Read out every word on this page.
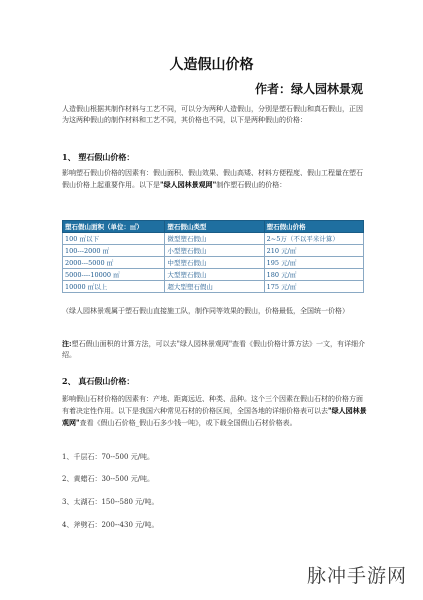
人造假山价格
作者：绿人园林景观
人造假山根据其制作材料与工艺不同，可以分为两种人造假山，分别是塑石假山和真石假山，正因为这两种假山的制作材料和工艺不同，其价格也不同，以下是两种假山的价格：
1、 塑石假山价格：
影响塑石假山价格的因素有：假山面积、假山效果、假山高矮、材料方便程度、假山工程量在塑石假山价格上起重要作用。以下是"绿人园林景观网"制作塑石假山的价格：
塑石假山面积（单位：㎡）	塑石假山类型	塑石假山价格
100 ㎡以下	微型塑石假山	2~5万（不以平米计算）
100---2000 ㎡	小型塑石假山	210 元/㎡
2000---5000 ㎡	中型塑石假山	195 元/㎡
5000----10000 ㎡	大型塑石假山	180 元/㎡
10000 ㎡以上	超大型塑石假山	175 元/㎡
（绿人园林景观属于塑石假山直接施工队，制作同等效果的假山，价格最低，全国统一价格）
注:塑石假山面积的计算方法，可以去"绿人园林景观网"查看《假山价格计算方法》一文，有详细介绍。
2、 真石假山价格：
影响假山石材价格的因素有：产地、距离远近、种类、品种。这个三个因素在假山石材的价格方面有着决定性作用。以下是我国六种常见石材的价格区间，全国各地的详细价格表可以去"绿人园林景观网"查看《假山石价格_假山石多少钱一吨》，或下载全国假山石材价格表。
1、千层石：70--500 元/吨。
2、黄蜡石：30--500 元/吨。
3、太湖石：150--580 元/吨。
4、斧劈石：200--430 元/吨。
脉冲手游网
